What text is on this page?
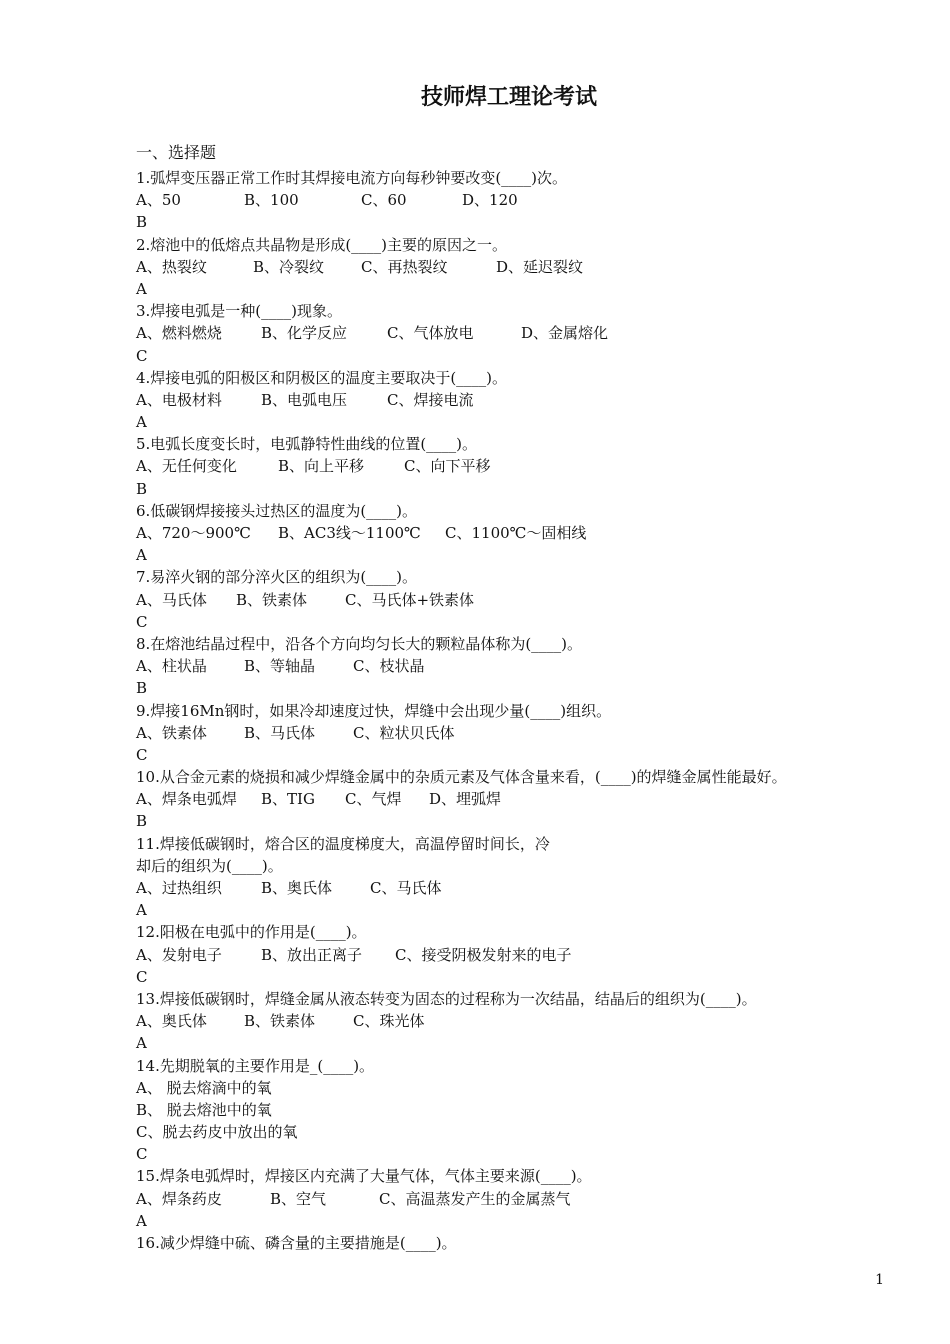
技师焊工理论考试
一、选择题
1.弧焊变压器正常工作时其焊接电流方向每秒钟要改变(____)次。
A、50	B、100	C、60	D、120
B
2.熔池中的低熔点共晶物是形成(____)主要的原因之一。
A、热裂纹	B、冷裂纹	C、再热裂纹	D、延迟裂纹
A
3.焊接电弧是一种(____)现象。
A、燃料燃烧	B、化学反应	C、气体放电	D、金属熔化
C
4.焊接电弧的阳极区和阴极区的温度主要取决于(____)。
A、电极材料	B、电弧电压	C、焊接电流
A
5.电弧长度变长时，电弧静特性曲线的位置(____)。
A、无任何变化	B、向上平移	C、向下平移
B
6.低碳钢焊接接头过热区的温度为(____)。
A、720～900℃	B、AC3线～1100℃	C、1100℃～固相线
A
7.易淬火钢的部分淬火区的组织为(____)。
A、马氏体	B、铁素体	C、马氏体+铁素体
C
8.在熔池结晶过程中，沿各个方向均匀长大的颗粒晶体称为(____)。
A、柱状晶	B、等轴晶	C、枝状晶
B
9.焊接16Mn钢时，如果冷却速度过快，焊缝中会出现少量(____)组织。
A、铁素体	B、马氏体	C、粒状贝氏体
C
10.从合金元素的烧损和减少焊缝金属中的杂质元素及气体含量来看，(____)的焊缝金属性能最好。
A、焊条电弧焊	B、TIG	C、气焊	D、埋弧焊
B
11.焊接低碳钢时，熔合区的温度梯度大，高温停留时间长，冷
却后的组织为(____)。
A、过热组织	B、奥氏体	C、马氏体
A
12.阳极在电弧中的作用是(____)。
A、发射电子	B、放出正离子	C、接受阴极发射来的电子
C
13.焊接低碳钢时，焊缝金属从液态转变为固态的过程称为一次结晶，结晶后的组织为(____)。
A、奥氏体	B、铁素体	C、珠光体
A
14.先期脱氧的主要作用是_(____)。
A、 脱去熔滴中的氧
B、 脱去熔池中的氧
C、脱去药皮中放出的氧
C
15.焊条电弧焊时，焊接区内充满了大量气体，气体主要来源(____)。
A、焊条药皮	B、空气	C、高温蒸发产生的金属蒸气
A
16.减少焊缝中硫、磷含量的主要措施是(____)。
1
